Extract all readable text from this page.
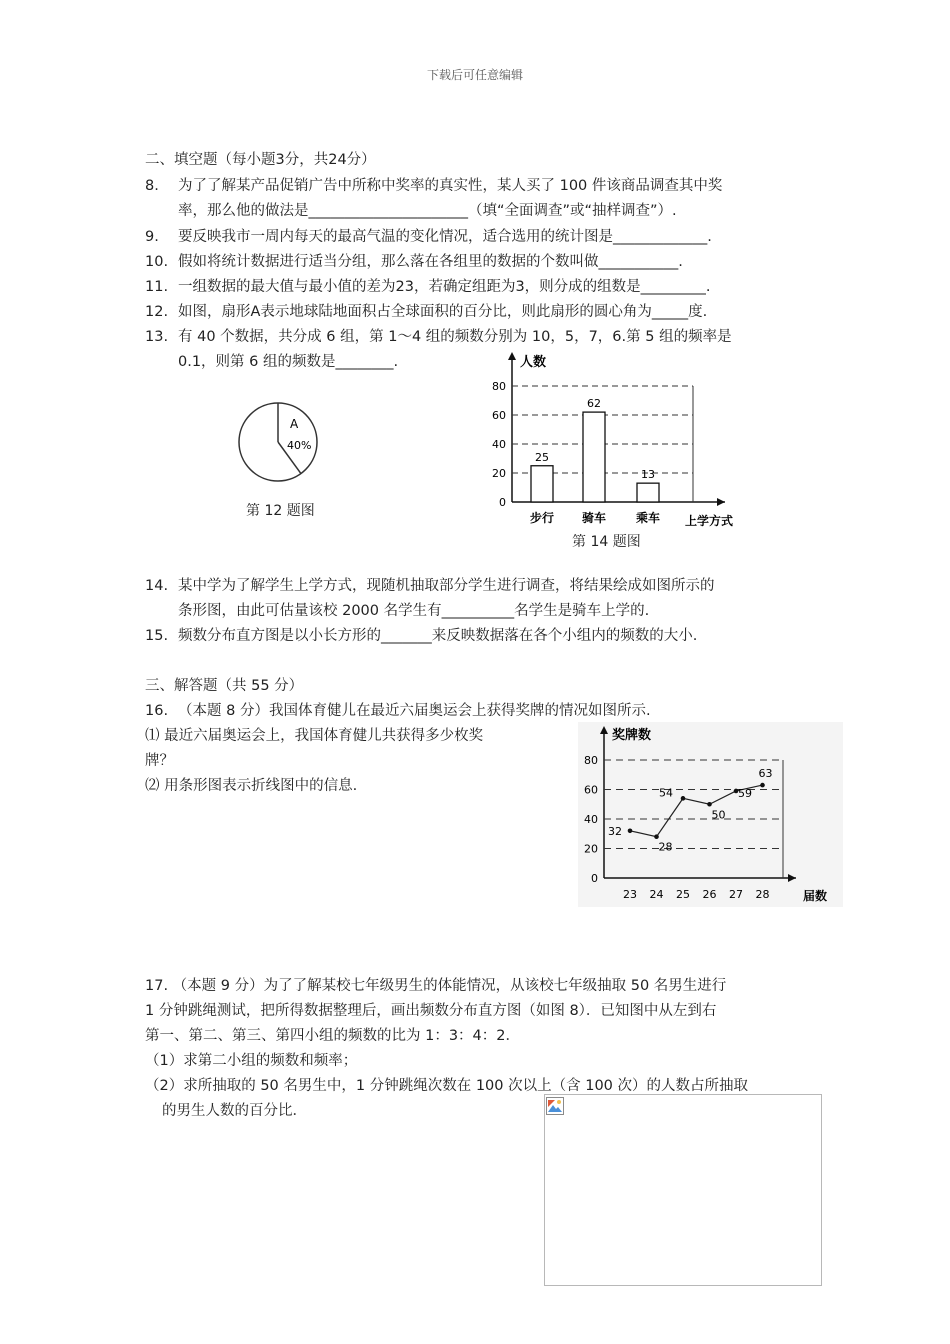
下载后可任意编辑
二、填空题（每小题3分，共24分）
8. 为了了解某产品促销广告中所称中奖率的真实性，某人买了 100 件该商品调查其中奖
率，那么他的做法是______________________（填“全面调查”或“抽样调查”）.
9. 要反映我市一周内每天的最高气温的变化情况，适合选用的统计图是_____________.
10. 假如将统计数据进行适当分组，那么落在各组里的数据的个数叫做___________.
11. 一组数据的最大值与最小值的差为23，若确定组距为3，则分成的组数是_________.
12. 如图，扇形A表示地球陆地面积占全球面积的百分比，则此扇形的圆心角为_____度.
13. 有 40 个数据，共分成 6 组，第 1～4 组的频数分别为 10，5，7，6.第 5 组的频率是
0.1，则第 6 组的频数是________.
A
40%
第 12 题图
人数
0
20
40
60
80
25
步行
62
骑车
13
乘车 上学方式
第 14 题图
14. 某中学为了解学生上学方式，现随机抽取部分学生进行调查，将结果绘成如图所示的
条形图，由此可估量该校 2000 名学生有__________名学生是骑车上学的.
15. 频数分布直方图是以小长方形的_______来反映数据落在各个小组内的频数的大小.
三、解答题（共 55 分）
16. （本题 8 分）我国体育健儿在最近六届奥运会上获得奖牌的情况如图所示.
⑴ 最近六届奥运会上，我国体育健儿共获得多少枚奖
牌？
⑵ 用条形图表示折线图中的信息.
奖牌数
0
20
40
60
80
32
28
54
50
59
63
23 24 25 26 27 28	届数
17. （本题 9 分）为了了解某校七年级男生的体能情况，从该校七年级抽取 50 名男生进行
1 分钟跳绳测试，把所得数据整理后，画出频数分布直方图（如图 8）．已知图中从左到右
第一、第二、第三、第四小组的频数的比为 1：3：4：2．
（1）求第二小组的频数和频率；
（2）求所抽取的 50 名男生中，1 分钟跳绳次数在 100 次以上（含 100 次）的人数占所抽取
的男生人数的百分比．
